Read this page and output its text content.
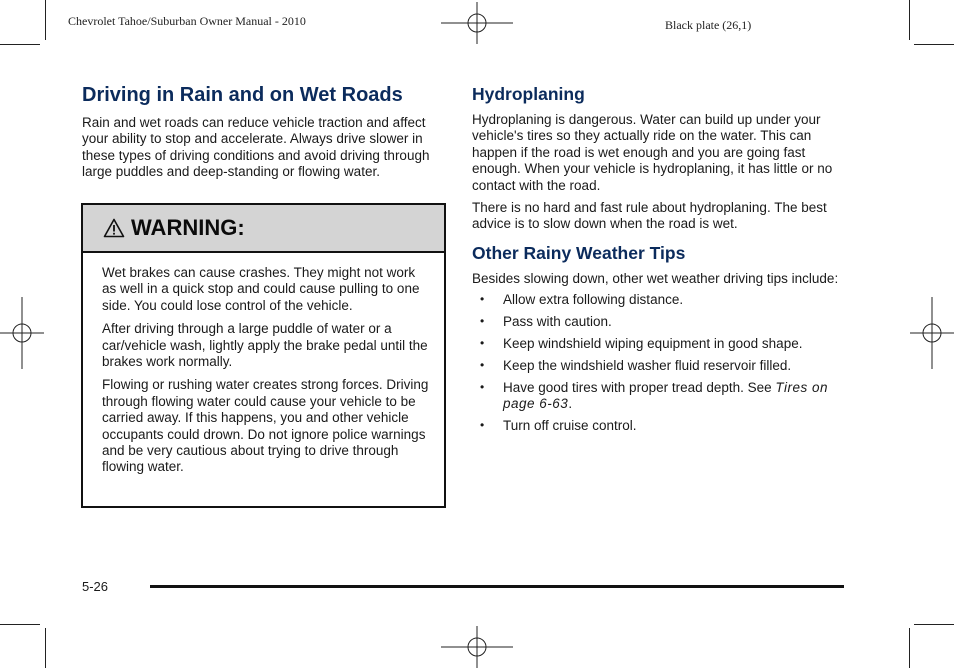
Chevrolet Tahoe/Suburban Owner Manual - 2010	Black plate (26,1)
Driving in Rain and on Wet Roads

Rain and wet roads can reduce vehicle traction and affect your ability to stop and accelerate. Always drive slower in these types of driving conditions and avoid driving through large puddles and deep-standing or flowing water.

WARNING:

Wet brakes can cause crashes. They might not work as well in a quick stop and could cause pulling to one side. You could lose control of the vehicle.

After driving through a large puddle of water or a car/vehicle wash, lightly apply the brake pedal until the brakes work normally.

Flowing or rushing water creates strong forces. Driving through flowing water could cause your vehicle to be carried away. If this happens, you and other vehicle occupants could drown. Do not ignore police warnings and be very cautious about trying to drive through flowing water.

Hydroplaning

Hydroplaning is dangerous. Water can build up under your vehicle's tires so they actually ride on the water. This can happen if the road is wet enough and you are going fast enough. When your vehicle is hydroplaning, it has little or no contact with the road.

There is no hard and fast rule about hydroplaning. The best advice is to slow down when the road is wet.

Other Rainy Weather Tips

Besides slowing down, other wet weather driving tips include:

• Allow extra following distance.
• Pass with caution.
• Keep windshield wiping equipment in good shape.
• Keep the windshield washer fluid reservoir filled.
• Have good tires with proper tread depth. See Tires on page 6-63.
• Turn off cruise control.
5-26
